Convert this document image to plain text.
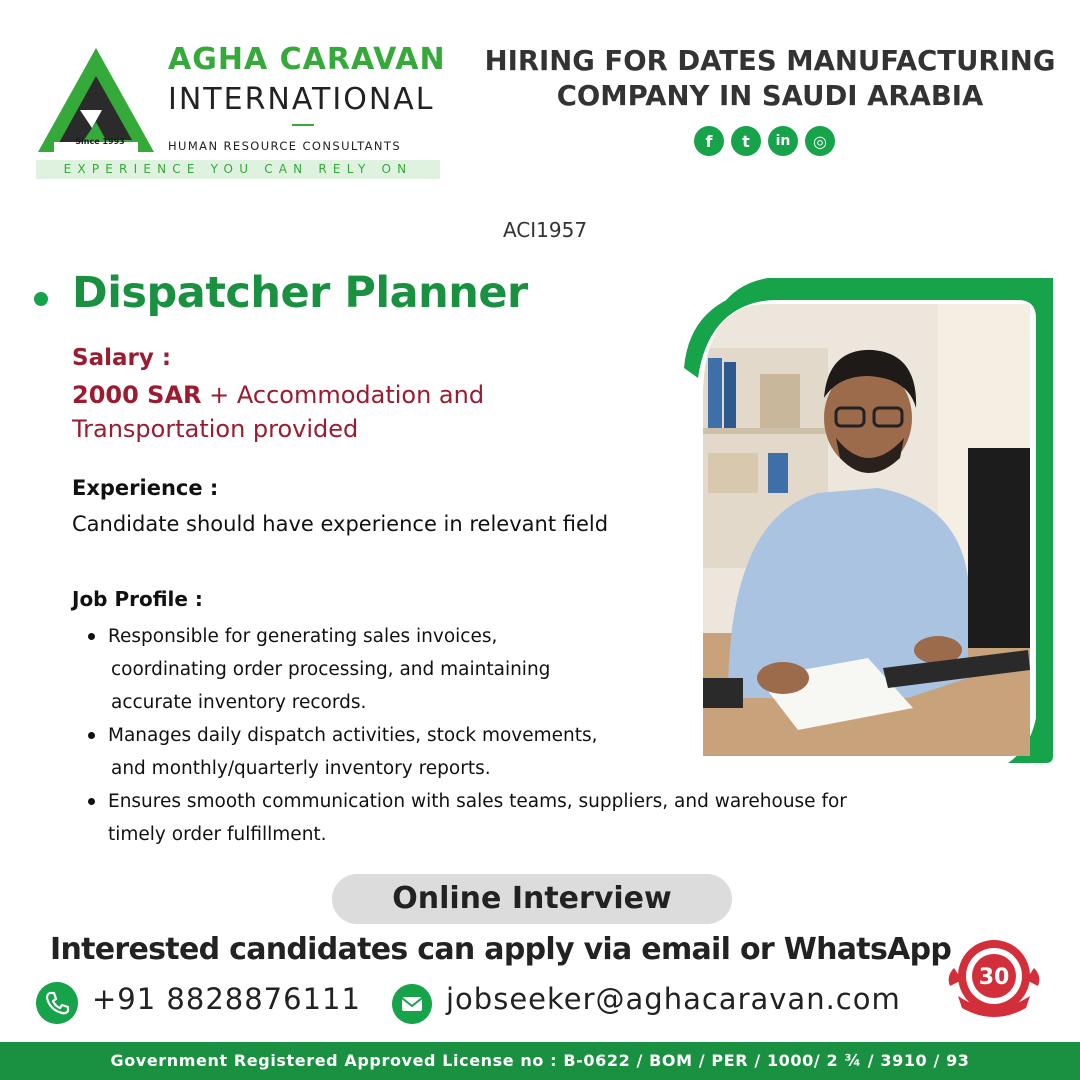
Since 1993
AGHA CARAVAN
INTERNATIONAL
HUMAN RESOURCE CONSULTANTS
EXPERIENCE YOU CAN RELY ON
HIRING FOR DATES MANUFACTURING
COMPANY IN SAUDI ARABIA
f	t	in	◎
ACI1957
Dispatcher Planner
Salary :
2000 SAR + Accommodation and
Transportation provided
Experience :
Candidate should have experience in relevant field
Job Profile :
Responsible for generating sales invoices,
coordinating order processing, and maintaining
accurate inventory records.
Manages daily dispatch activities, stock movements,
and monthly/quarterly inventory reports.
Ensures smooth communication with sales teams, suppliers, and warehouse for
timely order fulfillment.
Online Interview
Interested candidates can apply via email or WhatsApp
+91 8828876111	jobseeker@aghacaravan.com
30
Government Registered Approved License no : B-0622 / BOM / PER / 1000/ 2 ¾ / 3910 / 93
